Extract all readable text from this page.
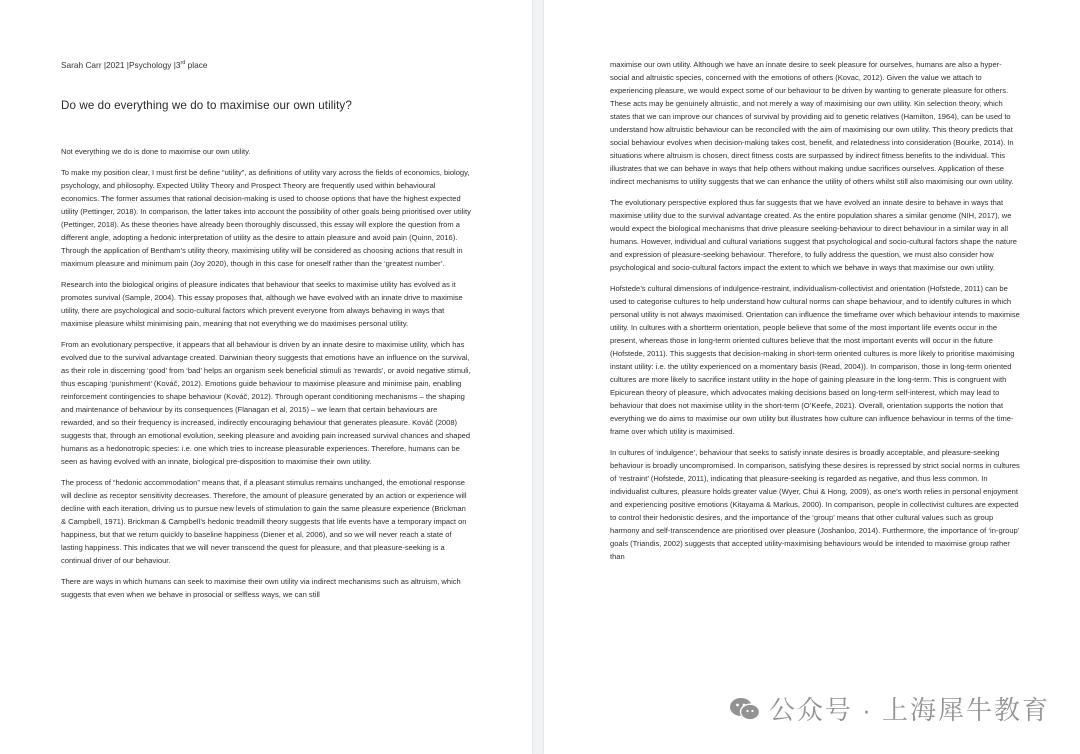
Sarah Carr |2021 |Psychology |3rd place
Do we do everything we do to maximise our own utility?

Not everything we do is done to maximise our own utility.

To make my position clear, I must first be define “utility”, as definitions of utility vary across the fields of economics, biology, psychology, and philosophy. Expected Utility Theory and Prospect Theory are frequently used within behavioural economics. The former assumes that rational decision-making is used to choose options that have the highest expected utility (Pettinger, 2018). In comparison, the latter takes into account the possibility of other goals being prioritised over utility (Pettinger, 2018). As these theories have already been thoroughly discussed, this essay will explore the question from a different angle, adopting a hedonic interpretation of utility as the desire to attain pleasure and avoid pain (Quinn, 2016). Through the application of Bentham’s utility theory, maximising utility will be considered as choosing actions that result in maximum pleasure and minimum pain (Joy 2020), though in this case for oneself rather than the ‘greatest number’.

Research into the biological origins of pleasure indicates that behaviour that seeks to maximise utility has evolved as it promotes survival (Sample, 2004). This essay proposes that, although we have evolved with an innate drive to maximise utility, there are psychological and socio-cultural factors which prevent everyone from always behaving in ways that maximise pleasure whilst minimising pain, meaning that not everything we do maximises personal utility.

From an evolutionary perspective, it appears that all behaviour is driven by an innate desire to maximise utility, which has evolved due to the survival advantage created. Darwinian theory suggests that emotions have an influence on the survival, as their role in discerning ‘good’ from ‘bad’ helps an organism seek beneficial stimuli as ‘rewards’, or avoid negative stimuli, thus escaping ‘punishment’ (Kováč, 2012). Emotions guide behaviour to maximise pleasure and minimise pain, enabling reinforcement contingencies to shape behaviour (Kováč, 2012). Through operant conditioning mechanisms – the shaping and maintenance of behaviour by its consequences (Flanagan et al, 2015) – we learn that certain behaviours are rewarded, and so their frequency is increased, indirectly encouraging behaviour that generates pleasure. Kováč (2008) suggests that, through an emotional evolution, seeking pleasure and avoiding pain increased survival chances and shaped humans as a hedonotropic species: i.e. one which tries to increase pleasurable experiences. Therefore, humans can be seen as having evolved with an innate, biological pre-disposition to maximise their own utility.

The process of “hedonic accommodation” means that, if a pleasant stimulus remains unchanged, the emotional response will decline as receptor sensitivity decreases. Therefore, the amount of pleasure generated by an action or experience will decline with each iteration, driving us to pursue new levels of stimulation to gain the same pleasure experience (Brickman & Campbell, 1971). Brickman & Campbell’s hedonic treadmill theory suggests that life events have a temporary impact on happiness, but that we return quickly to baseline happiness (Diener et al, 2006), and so we will never reach a state of lasting happiness. This indicates that we will never transcend the quest for pleasure, and that pleasure-seeking is a continual driver of our behaviour.

There are ways in which humans can seek to maximise their own utility via indirect mechanisms such as altruism, which suggests that even when we behave in prosocial or selfless ways, we can still

maximise our own utility. Although we have an innate desire to seek pleasure for ourselves, humans are also a hyper-social and altruistic species, concerned with the emotions of others (Kovac, 2012). Given the value we attach to experiencing pleasure, we would expect some of our behaviour to be driven by wanting to generate pleasure for others. These acts may be genuinely altruistic, and not merely a way of maximising our own utility. Kin selection theory, which states that we can improve our chances of survival by providing aid to genetic relatives (Hamilton, 1964), can be used to understand how altruistic behaviour can be reconciled with the aim of maximising our own utility. This theory predicts that social behaviour evolves when decision-making takes cost, benefit, and relatedness into consideration (Bourke, 2014). In situations where altruism is chosen, direct fitness costs are surpassed by indirect fitness benefits to the individual. This illustrates that we can behave in ways that help others without making undue sacrifices ourselves. Application of these indirect mechanisms to utility suggests that we can enhance the utility of others whilst still also maximising our own utility.

The evolutionary perspective explored thus far suggests that we have evolved an innate desire to behave in ways that maximise utility due to the survival advantage created. As the entire population shares a similar genome (NIH, 2017), we would expect the biological mechanisms that drive pleasure seeking-behaviour to direct behaviour in a similar way in all humans. However, individual and cultural variations suggest that psychological and socio-cultural factors shape the nature and expression of pleasure-seeking behaviour. Therefore, to fully address the question, we must also consider how psychological and socio-cultural factors impact the extent to which we behave in ways that maximise our own utility.

Hofstede’s cultural dimensions of indulgence-restraint, individualism-collectivist and orientation (Hofstede, 2011) can be used to categorise cultures to help understand how cultural norms can shape behaviour, and to identify cultures in which personal utility is not always maximised. Orientation can influence the timeframe over which behaviour intends to maximise utility. In cultures with a shortterm orientation, people believe that some of the most important life events occur in the present, whereas those in long-term oriented cultures believe that the most important events will occur in the future (Hofstede, 2011). This suggests that decision-making in short-term oriented cultures is more likely to prioritise maximising instant utility: i.e. the utility experienced on a momentary basis (Read, 2004)). In comparison, those in long-term oriented cultures are more likely to sacrifice instant utility in the hope of gaining pleasure in the long-term. This is congruent with Epicurean theory of pleasure, which advocates making decisions based on long-term self-interest, which may lead to behaviour that does not maximise utility in the short-term (O’Keefe, 2021). Overall, orientation supports the notion that everything we do aims to maximise our own utility but illustrates how culture can influence behaviour in terms of the time-frame over which utility is maximised.

In cultures of ‘indulgence’, behaviour that seeks to satisfy innate desires is broadly acceptable, and pleasure-seeking behaviour is broadly uncompromised. In comparison, satisfying these desires is repressed by strict social norms in cultures of ‘restraint’ (Hofstede, 2011), indicating that pleasure-seeking is regarded as negative, and thus less common. In individualist cultures, pleasure holds greater value (Wyer, Chui & Hong, 2009), as one’s worth relies in personal enjoyment and experiencing positive emotions (Kitayama & Markus, 2000). In comparison, people in collectivist cultures are expected to control their hedonistic desires, and the importance of the ‘group’ means that other cultural values such as group harmony and self-transcendence are prioritised over pleasure (Joshanloo, 2014). Furthermore, the importance of ‘in-group’ goals (Triandis, 2002) suggests that accepted utility-maximising behaviours would be intended to maximise group rather than

公众号 · 上海犀牛教育
